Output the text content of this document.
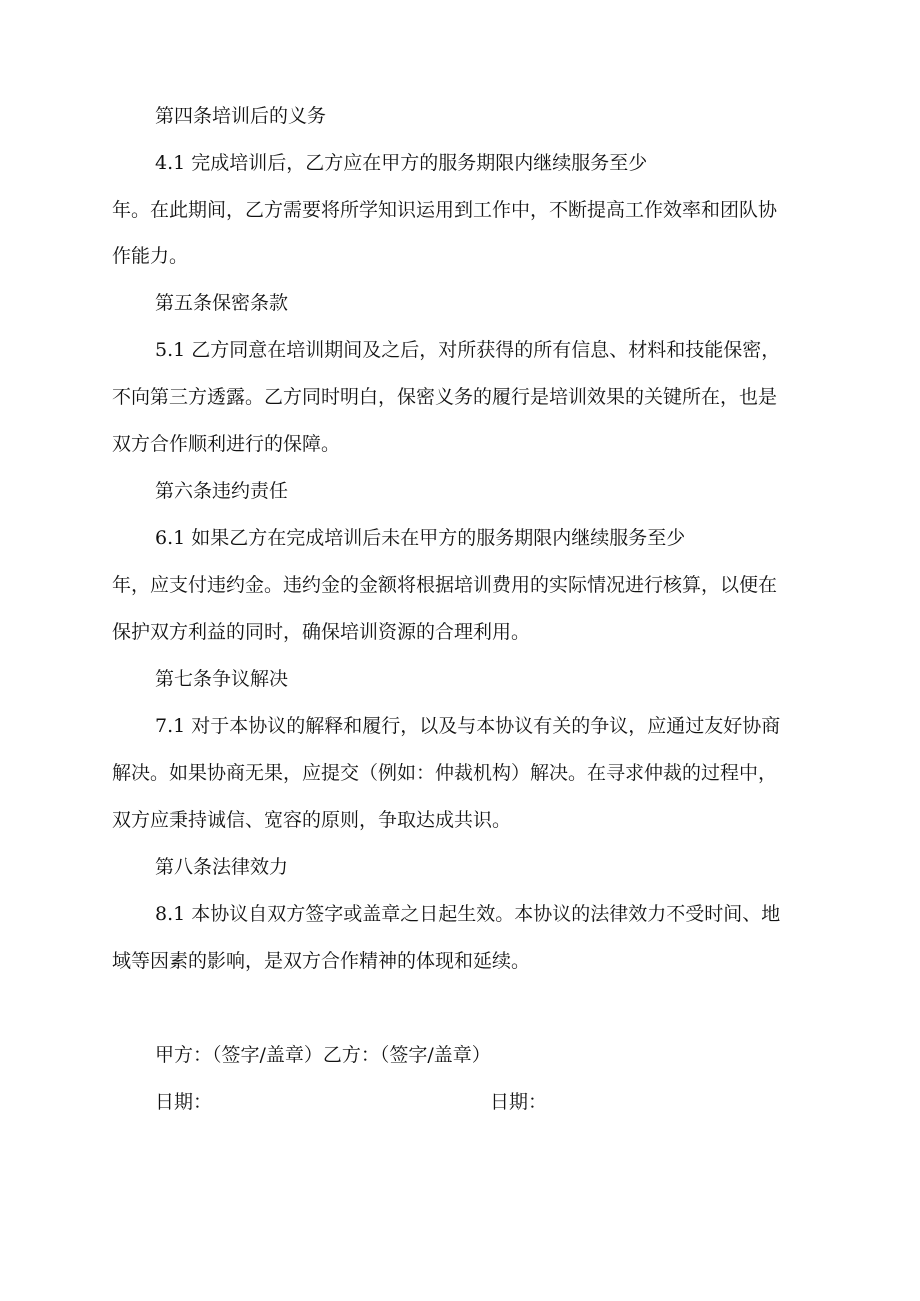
第四条培训后的义务

4.1 完成培训后，乙方应在甲方的服务期限内继续服务至少

年。在此期间，乙方需要将所学知识运用到工作中，不断提高工作效率和团队协

作能力。

第五条保密条款

5.1 乙方同意在培训期间及之后，对所获得的所有信息、材料和技能保密，

不向第三方透露。乙方同时明白，保密义务的履行是培训效果的关键所在，也是

双方合作顺利进行的保障。

第六条违约责任

6.1 如果乙方在完成培训后未在甲方的服务期限内继续服务至少

年，应支付违约金。违约金的金额将根据培训费用的实际情况进行核算，以便在

保护双方利益的同时，确保培训资源的合理利用。

第七条争议解决

7.1 对于本协议的解释和履行，以及与本协议有关的争议，应通过友好协商

解决。如果协商无果，应提交（例如：仲裁机构）解决。在寻求仲裁的过程中，

双方应秉持诚信、宽容的原则，争取达成共识。

第八条法律效力

8.1 本协议自双方签字或盖章之日起生效。本协议的法律效力不受时间、地

域等因素的影响，是双方合作精神的体现和延续。

甲方：（签字/盖章）乙方：（签字/盖章）

日期：	日期：
